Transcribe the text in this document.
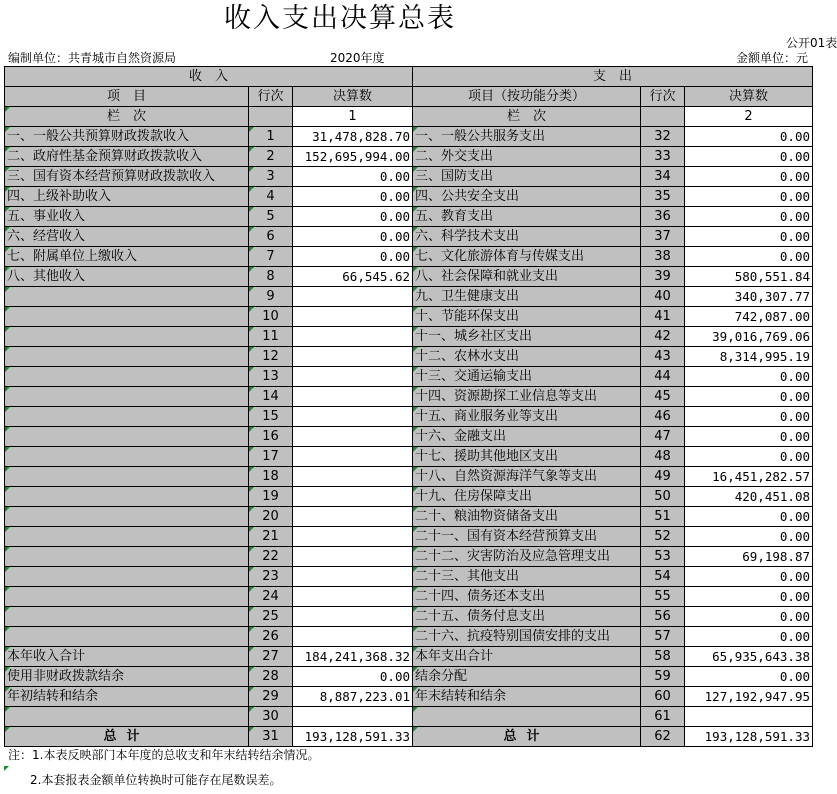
收入支出决算总表
公开01表
编制单位：共青城市自然资源局	2020年度	金额单位：元
收　入			支　出		
项　目	行次	决算数	项目（按功能分类）	行次	决算数
栏　次		1	栏　次		2
一、一般公共预算财政拨款收入	1	31,478,828.70	一、一般公共服务支出	32	0.00
二、政府性基金预算财政拨款收入	2	152,695,994.00	二、外交支出	33	0.00
三、国有资本经营预算财政拨款收入	3	0.00	三、国防支出	34	0.00
四、上级补助收入	4	0.00	四、公共安全支出	35	0.00
五、事业收入	5	0.00	五、教育支出	36	0.00
六、经营收入	6	0.00	六、科学技术支出	37	0.00
七、附属单位上缴收入	7	0.00	七、文化旅游体育与传媒支出	38	0.00
八、其他收入	8	66,545.62	八、社会保障和就业支出	39	580,551.84
	9		九、卫生健康支出	40	340,307.77
	10		十、节能环保支出	41	742,087.00
	11		十一、城乡社区支出	42	39,016,769.06
	12		十二、农林水支出	43	8,314,995.19
	13		十三、交通运输支出	44	0.00
	14		十四、资源勘探工业信息等支出	45	0.00
	15		十五、商业服务业等支出	46	0.00
	16		十六、金融支出	47	0.00
	17		十七、援助其他地区支出	48	0.00
	18		十八、自然资源海洋气象等支出	49	16,451,282.57
	19		十九、住房保障支出	50	420,451.08
	20		二十、粮油物资储备支出	51	0.00
	21		二十一、国有资本经营预算支出	52	0.00
	22		二十二、灾害防治及应急管理支出	53	69,198.87
	23		二十三、其他支出	54	0.00
	24		二十四、债务还本支出	55	0.00
	25		二十五、债务付息支出	56	0.00
	26		二十六、抗疫特别国债安排的支出	57	0.00
本年收入合计	27	184,241,368.32	本年支出合计	58	65,935,643.38
使用非财政拨款结余	28	0.00	结余分配	59	0.00
年初结转和结余	29	8,887,223.01	年末结转和结余	60	127,192,947.95
	30			61	
总计	31	193,128,591.33	总计	62	193,128,591.33
注：1.本表反映部门本年度的总收支和年末结转结余情况。
2.本套报表金额单位转换时可能存在尾数误差。
